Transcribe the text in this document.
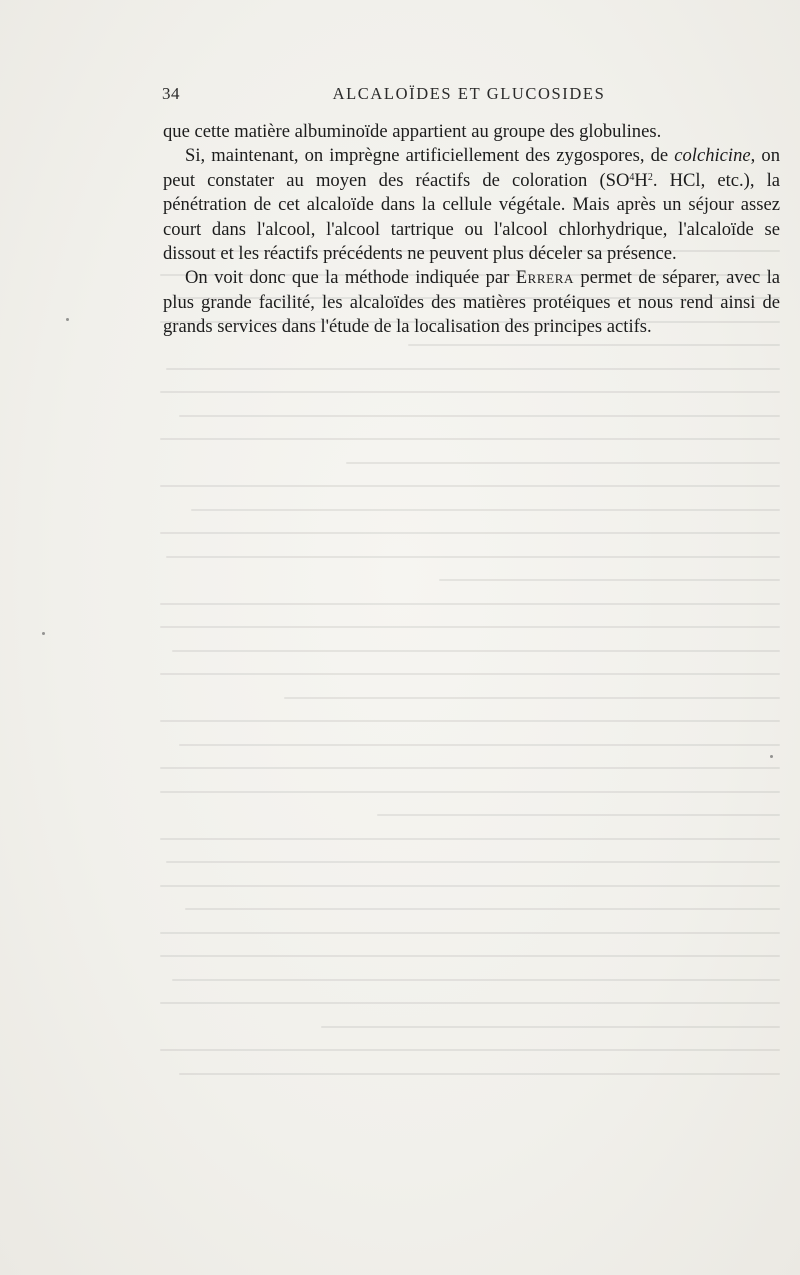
34	ALCALOÏDES ET GLUCOSIDES

que cette matière albuminoïde appartient au groupe des globulines.

Si, maintenant, on imprègne artificiellement des zygospores, de colchicine, on peut constater au moyen des réactifs de coloration ($SO^4H^2$. HCl, etc.), la pénétration de cet alcaloïde dans la cellule végétale. Mais après un séjour assez court dans l'alcool, l'alcool tartrique ou l'alcool chlorhydrique, l'alcaloïde se dissout et les réactifs précédents ne peuvent plus déceler sa présence.

On voit donc que la méthode indiquée par Errera permet de séparer, avec la plus grande facilité, les alcaloïdes des matières protéiques et nous rend ainsi de grands services dans l'étude de la localisation des principes actifs.
